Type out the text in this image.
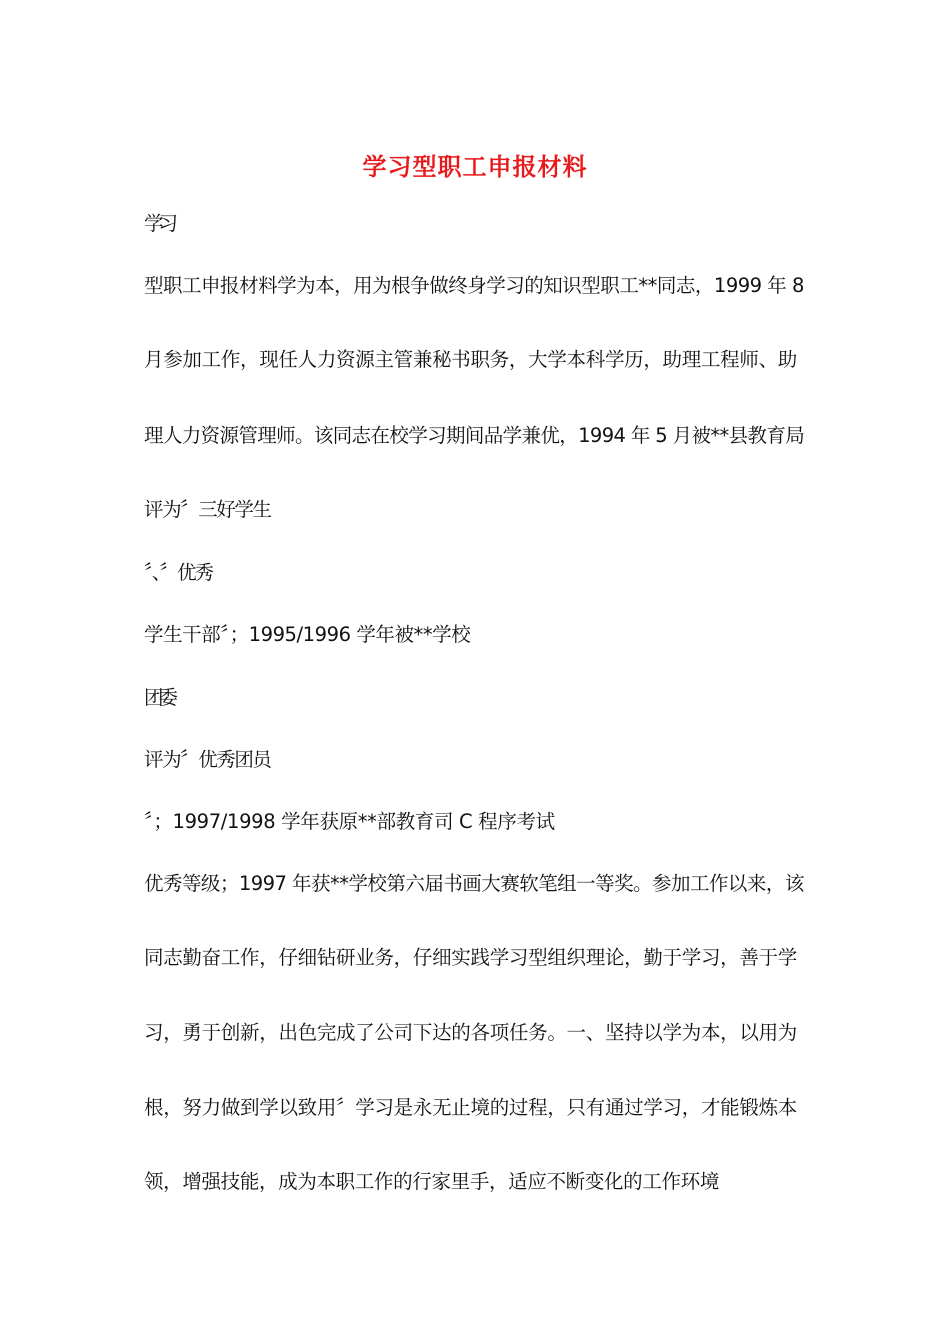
学习型职工申报材料
学习
型职工申报材料学为本，用为根争做终身学习的知识型职工**同志，1999 年 8
月参加工作，现任人力资源主管兼秘书职务，大学本科学历，助理工程师、助
理人力资源管理师。该同志在校学习期间品学兼优，1994 年 5 月被**县教育局
评为〞三好学生
〞、〞优秀
学生干部〞；1995/1996 学年被**学校
团委
评为〞优秀团员
〞；1997/1998 学年获原**部教育司 C 程序考试
优秀等级；1997 年获**学校第六届书画大赛软笔组一等奖。参加工作以来，该
同志勤奋工作，仔细钻研业务，仔细实践学习型组织理论，勤于学习，善于学
习，勇于创新，出色完成了公司下达的各项任务。一、坚持以学为本，以用为
根，努力做到学以致用〞学习是永无止境的过程，只有通过学习，才能锻炼本
领，增强技能，成为本职工作的行家里手，适应不断变化的工作环境
